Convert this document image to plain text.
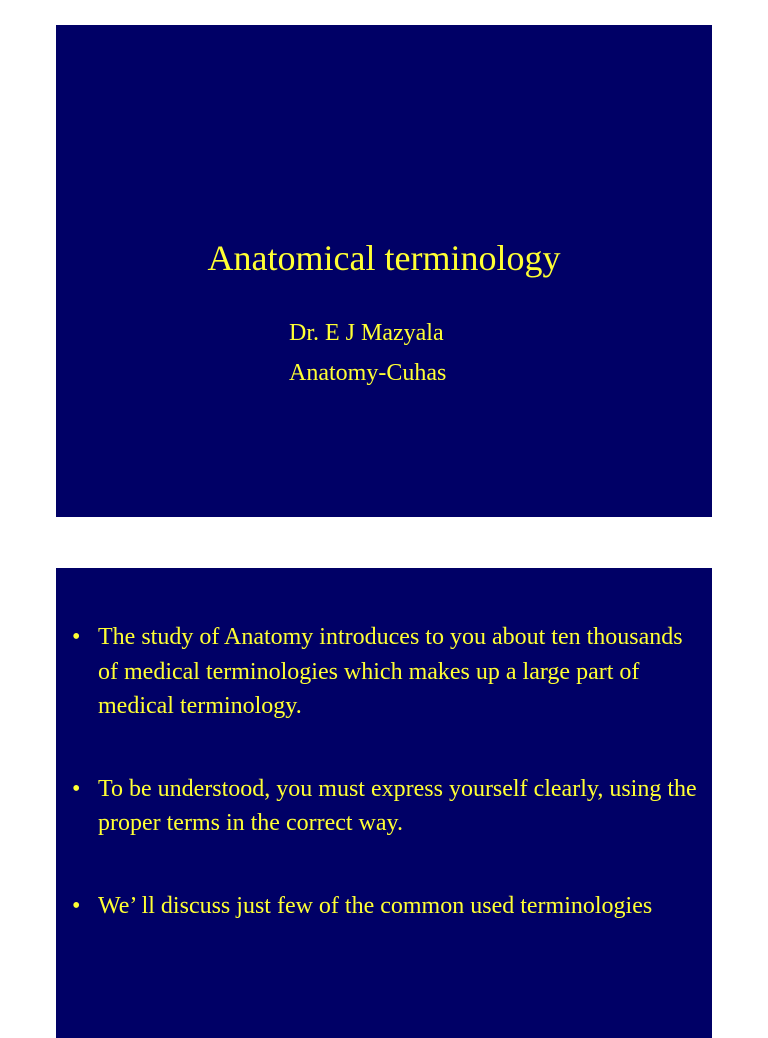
Anatomical terminology
Dr. E J Mazyala
Anatomy-Cuhas
• The study of Anatomy introduces to you about ten thousands of medical terminologies which makes up a large part of medical terminology.
• To be understood, you must express yourself clearly, using the proper terms in the correct way.
• We’ ll discuss just few of the common used terminologies
